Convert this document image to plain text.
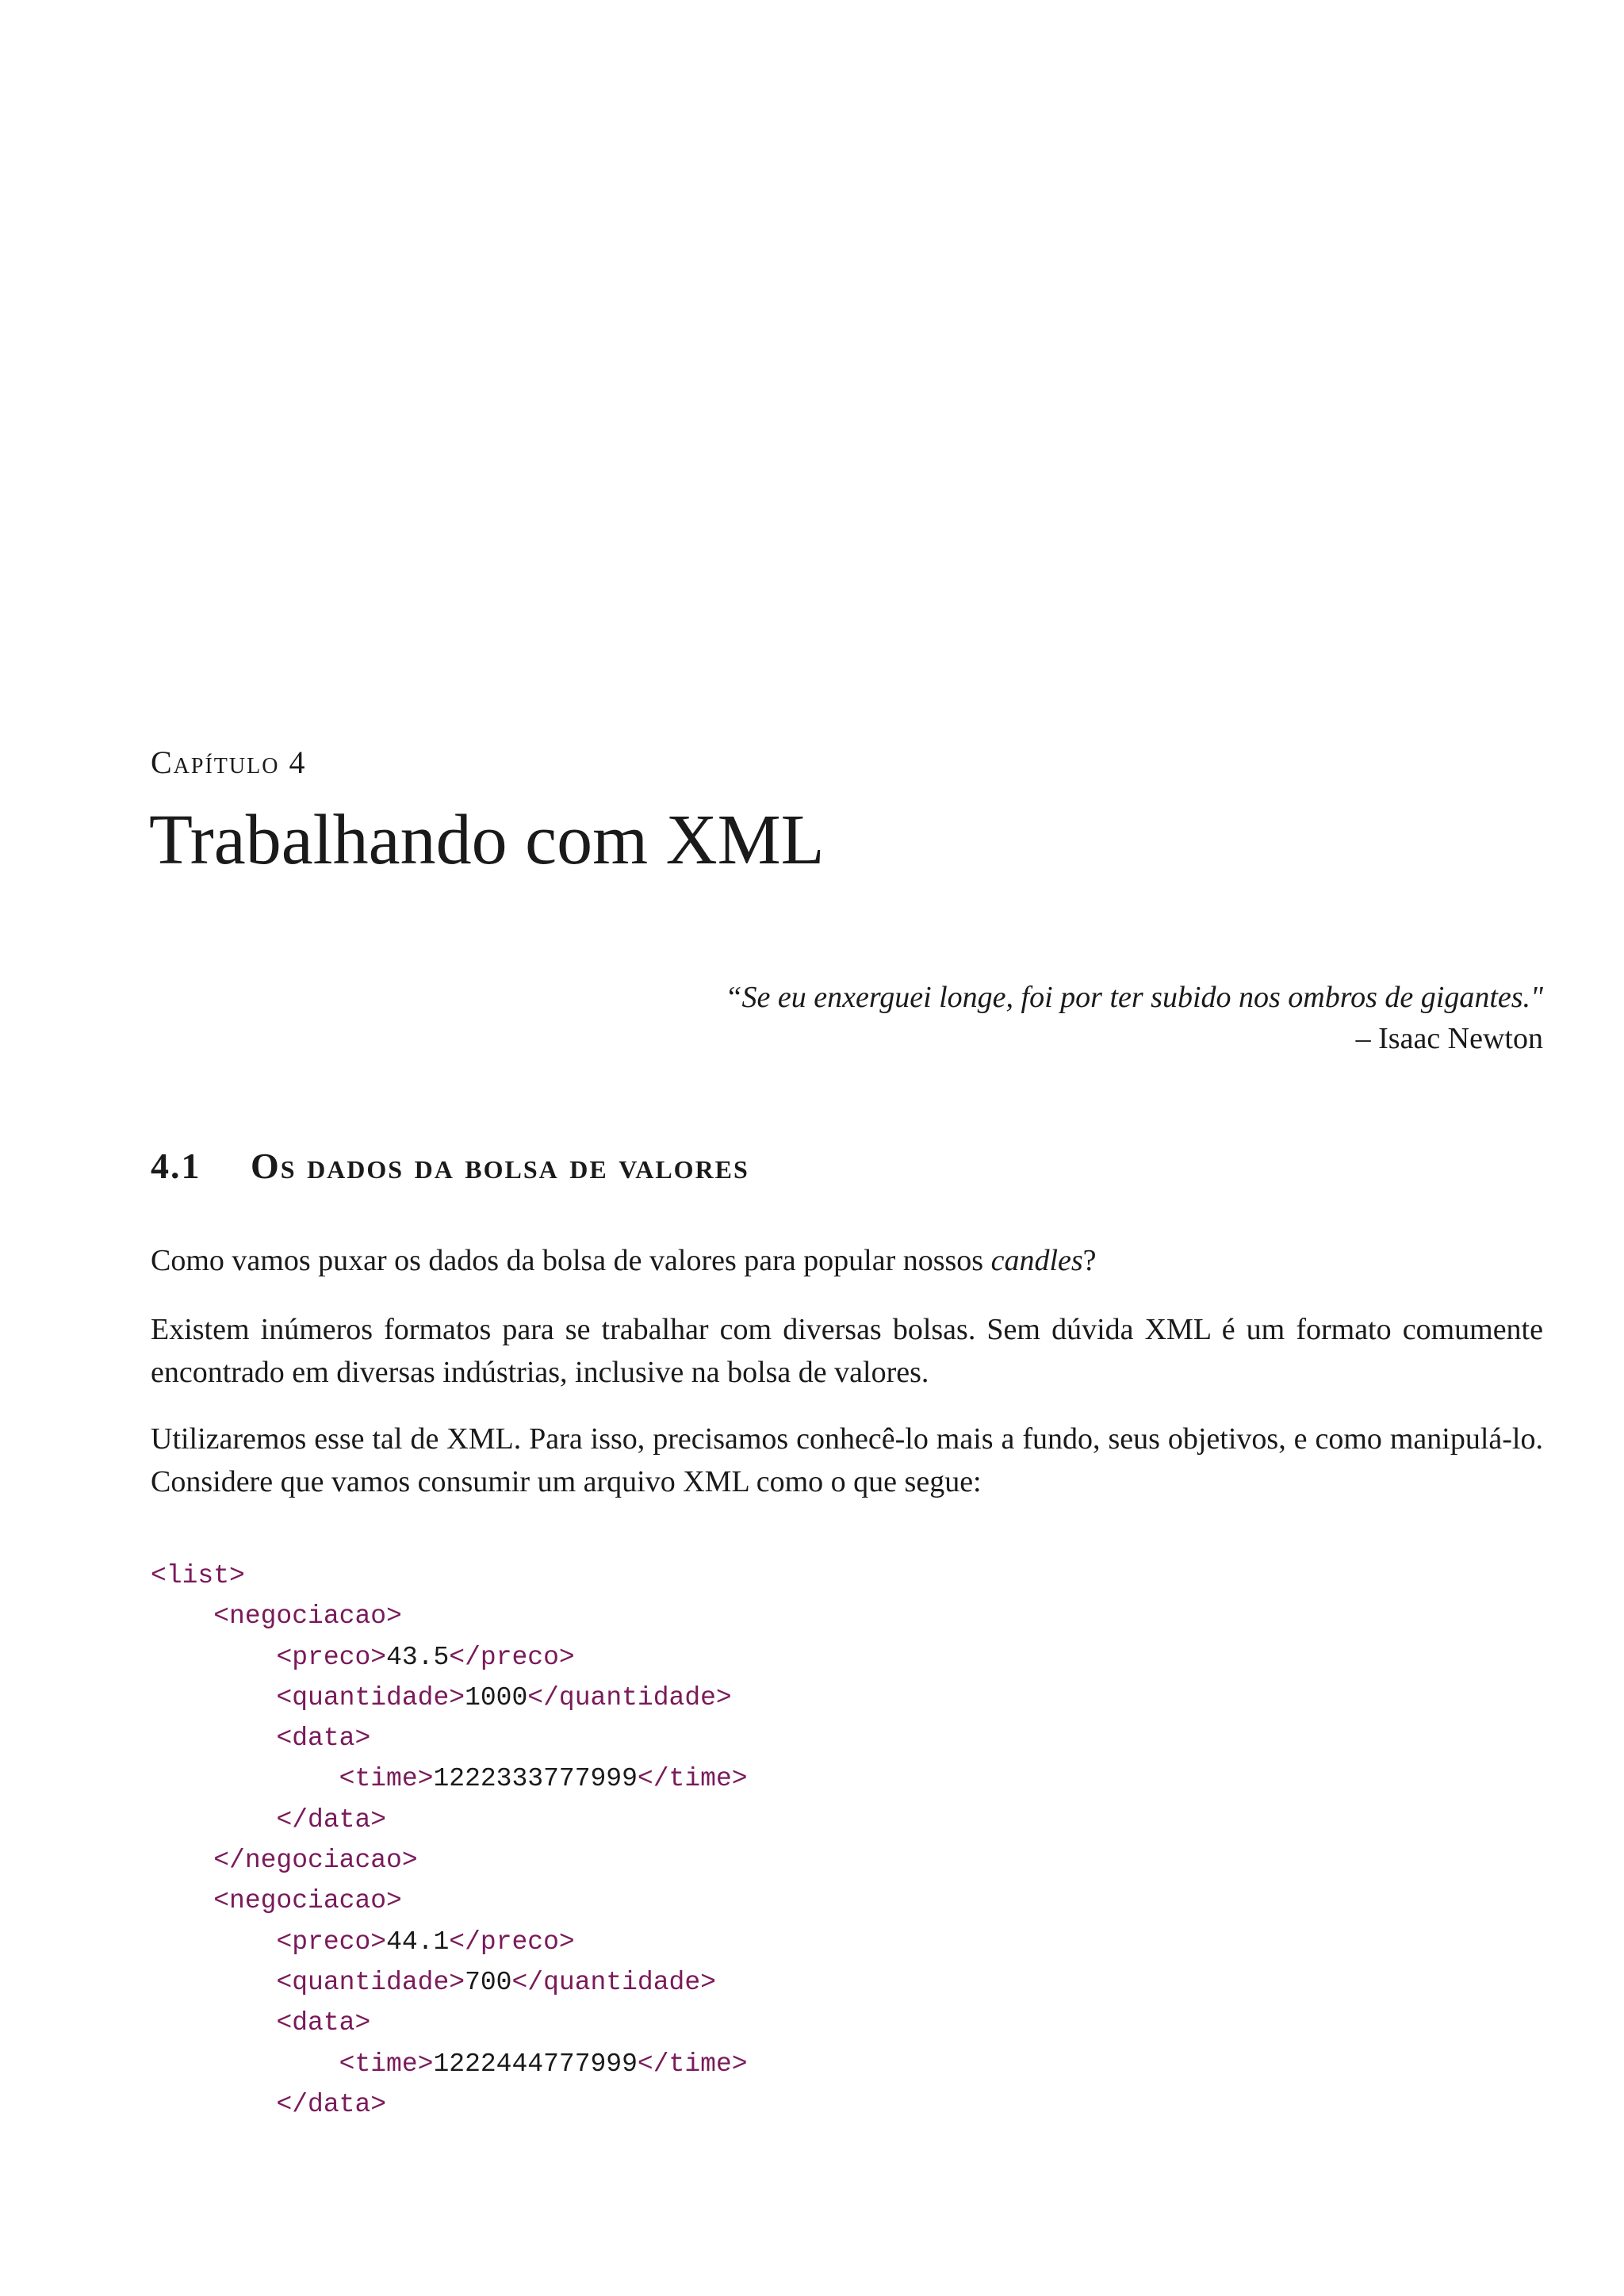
Capítulo 4
Trabalhando com XML
“Se eu enxerguei longe, foi por ter subido nos ombros de gigantes."
– Isaac Newton
4.1 Os dados da bolsa de valores

Como vamos puxar os dados da bolsa de valores para popular nossos candles?

Existem inúmeros formatos para se trabalhar com diversas bolsas. Sem dúvida XML é um formato comumente encontrado em diversas indústrias, inclusive na bolsa de valores.

Utilizaremos esse tal de XML. Para isso, precisamos conhecê-lo mais a fundo, seus objetivos, e como manipulá-lo. Considere que vamos consumir um arquivo XML como o que segue:

<list>
<negociacao>
<preco>43.5</preco>
<quantidade>1000</quantidade>
<data>
<time>1222333777999</time>
</data>
</negociacao>
<negociacao>
<preco>44.1</preco>
<quantidade>700</quantidade>
<data>
<time>1222444777999</time>
</data>
